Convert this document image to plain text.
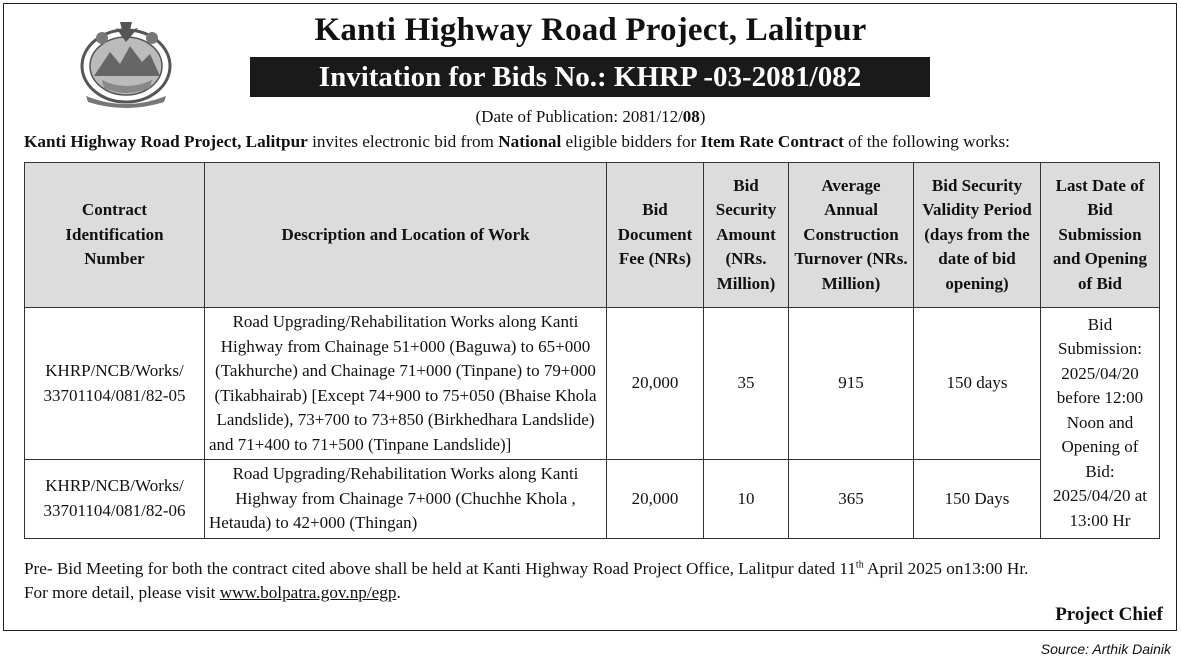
Kanti Highway Road Project, Lalitpur
Invitation for Bids No.: KHRP -03-2081/082
(Date of Publication: 2081/12/08)
Kanti Highway Road Project, Lalitpur invites electronic bid from National eligible bidders for Item Rate Contract of the following works:
Contract Identification Number	Description and Location of Work	Bid Document Fee (NRs)	Bid Security Amount (NRs. Million)	Average Annual Construction Turnover (NRs. Million)	Bid Security Validity Period (days from the date of bid opening)	Last Date of Bid Submission and Opening of Bid
KHRP/NCB/Works/ 33701104/081/82-05	Road Upgrading/Rehabilitation Works along Kanti Highway from Chainage 51+000 (Baguwa) to 65+000 (Takhurche) and Chainage 71+000 (Tinpane) to 79+000 (Tikabhairab) [Except 74+900 to 75+050 (Bhaise Khola Landslide), 73+700 to 73+850 (Birkhedhara Landslide) and 71+400 to 71+500 (Tinpane Landslide)]	20,000	35	915	150 days	Bid Submission: 2025/04/20 before 12:00 Noon and Opening of Bid: 2025/04/20 at 13:00 Hr
KHRP/NCB/Works/ 33701104/081/82-06	Road Upgrading/Rehabilitation Works along Kanti Highway from Chainage 7+000 (Chuchhe Khola , Hetauda) to 42+000 (Thingan)	20,000	10	365	150 Days	
Pre- Bid Meeting for both the contract cited above shall be held at Kanti Highway Road Project Office, Lalitpur dated 11th April 2025 on13:00 Hr.
For more detail, please visit www.bolpatra.gov.np/egp.
Project Chief
Source: Arthik Dainik
